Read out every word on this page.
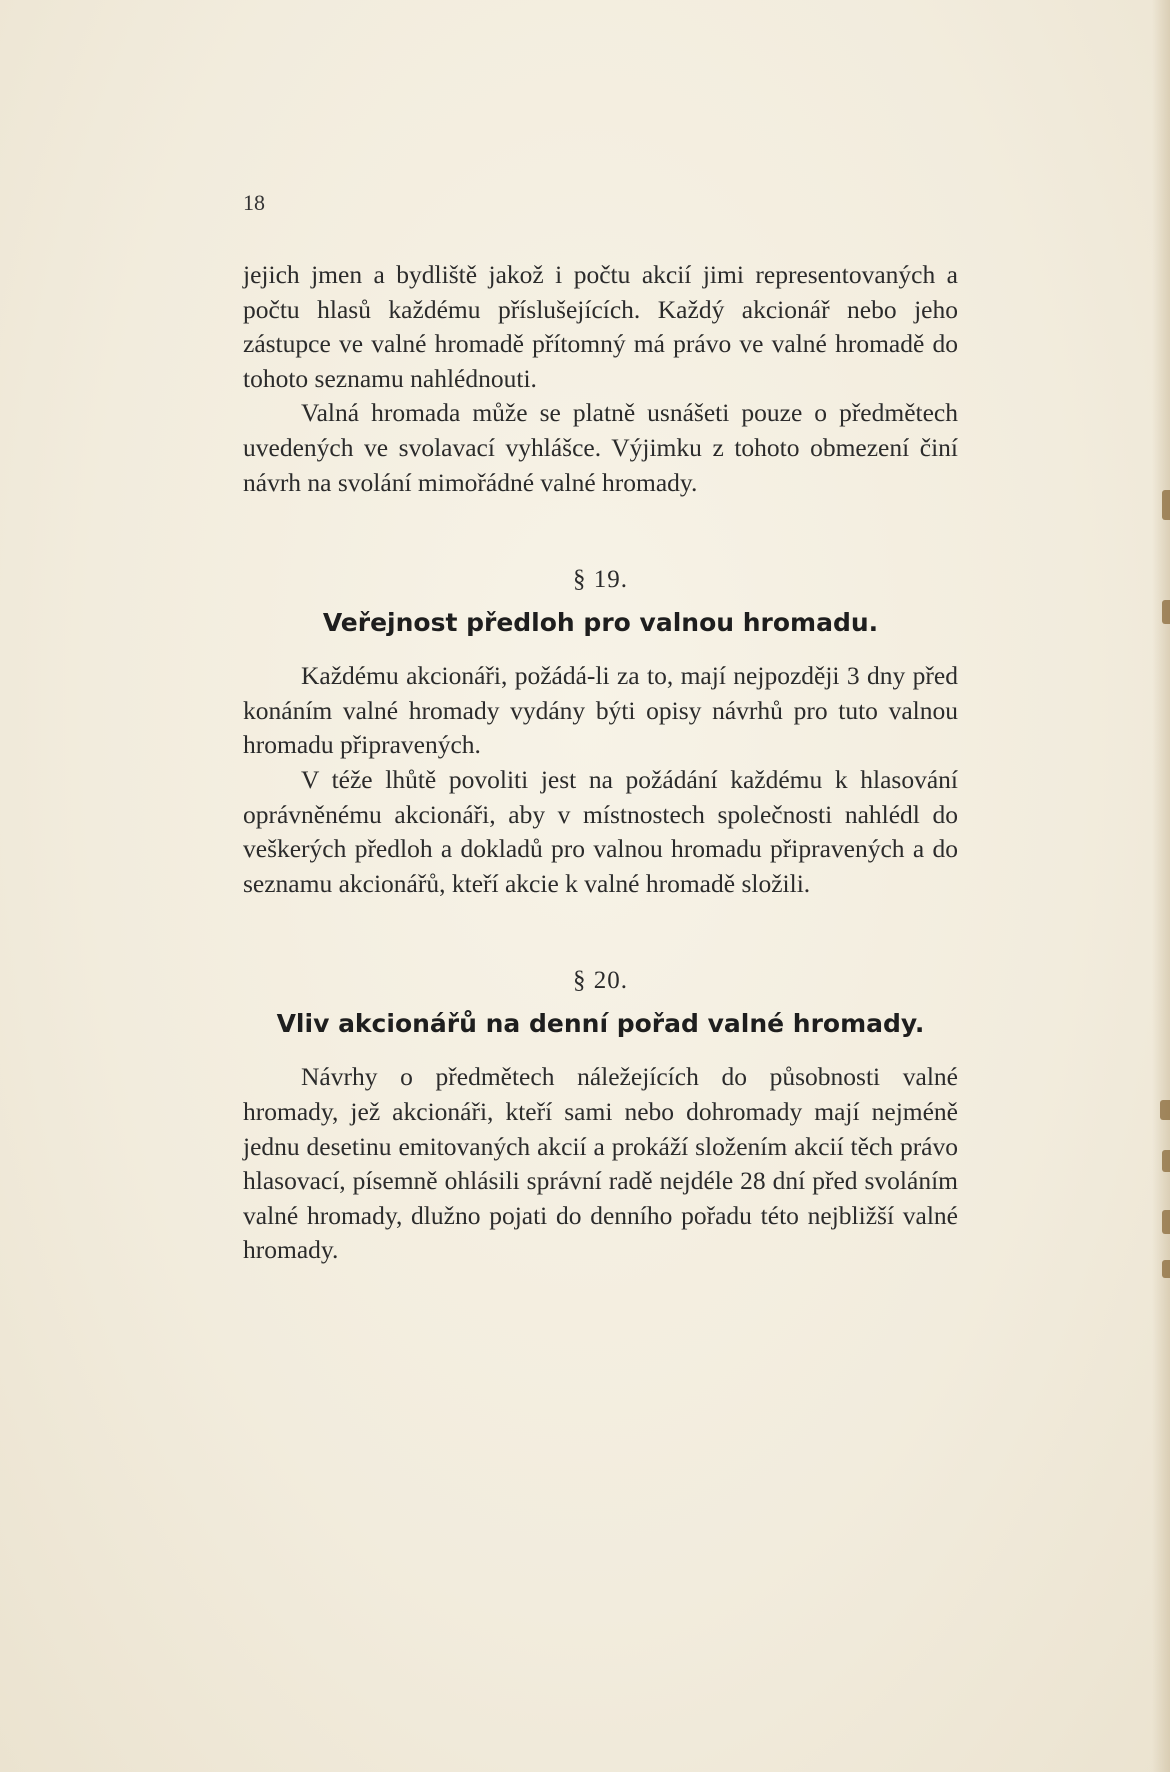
18

jejich jmen a bydliště jakož i počtu akcií jimi representovaných a počtu hlasů každému příslušejících. Každý akcionář nebo jeho zástupce ve valné hromadě přítomný má právo ve valné hromadě do tohoto seznamu nahlédnouti.

Valná hromada může se platně usnášeti pouze o předmětech uvedených ve svolavací vyhlášce. Výjimku z tohoto obmezení činí návrh na svolání mimořádné valné hromady.

§ 19.
Veřejnost předloh pro valnou hromadu.

Každému akcionáři, požádá-li za to, mají nejpozději 3 dny před konáním valné hromady vydány býti opisy návrhů pro tuto valnou hromadu připravených.

V téže lhůtě povoliti jest na požádání každému k hlasování oprávněnému akcionáři, aby v místnostech společnosti nahlédl do veškerých předloh a dokladů pro valnou hromadu připravených a do seznamu akcionářů, kteří akcie k valné hromadě složili.

§ 20.
Vliv akcionářů na denní pořad valné hromady.

Návrhy o předmětech náležejících do působnosti valné hromady, jež akcionáři, kteří sami nebo dohromady mají nejméně jednu desetinu emitovaných akcií a prokáží složením akcií těch právo hlasovací, písemně ohlásili správní radě nejdéle 28 dní před svoláním valné hromady, dlužno pojati do denního pořadu této nejbližší valné hromady.
